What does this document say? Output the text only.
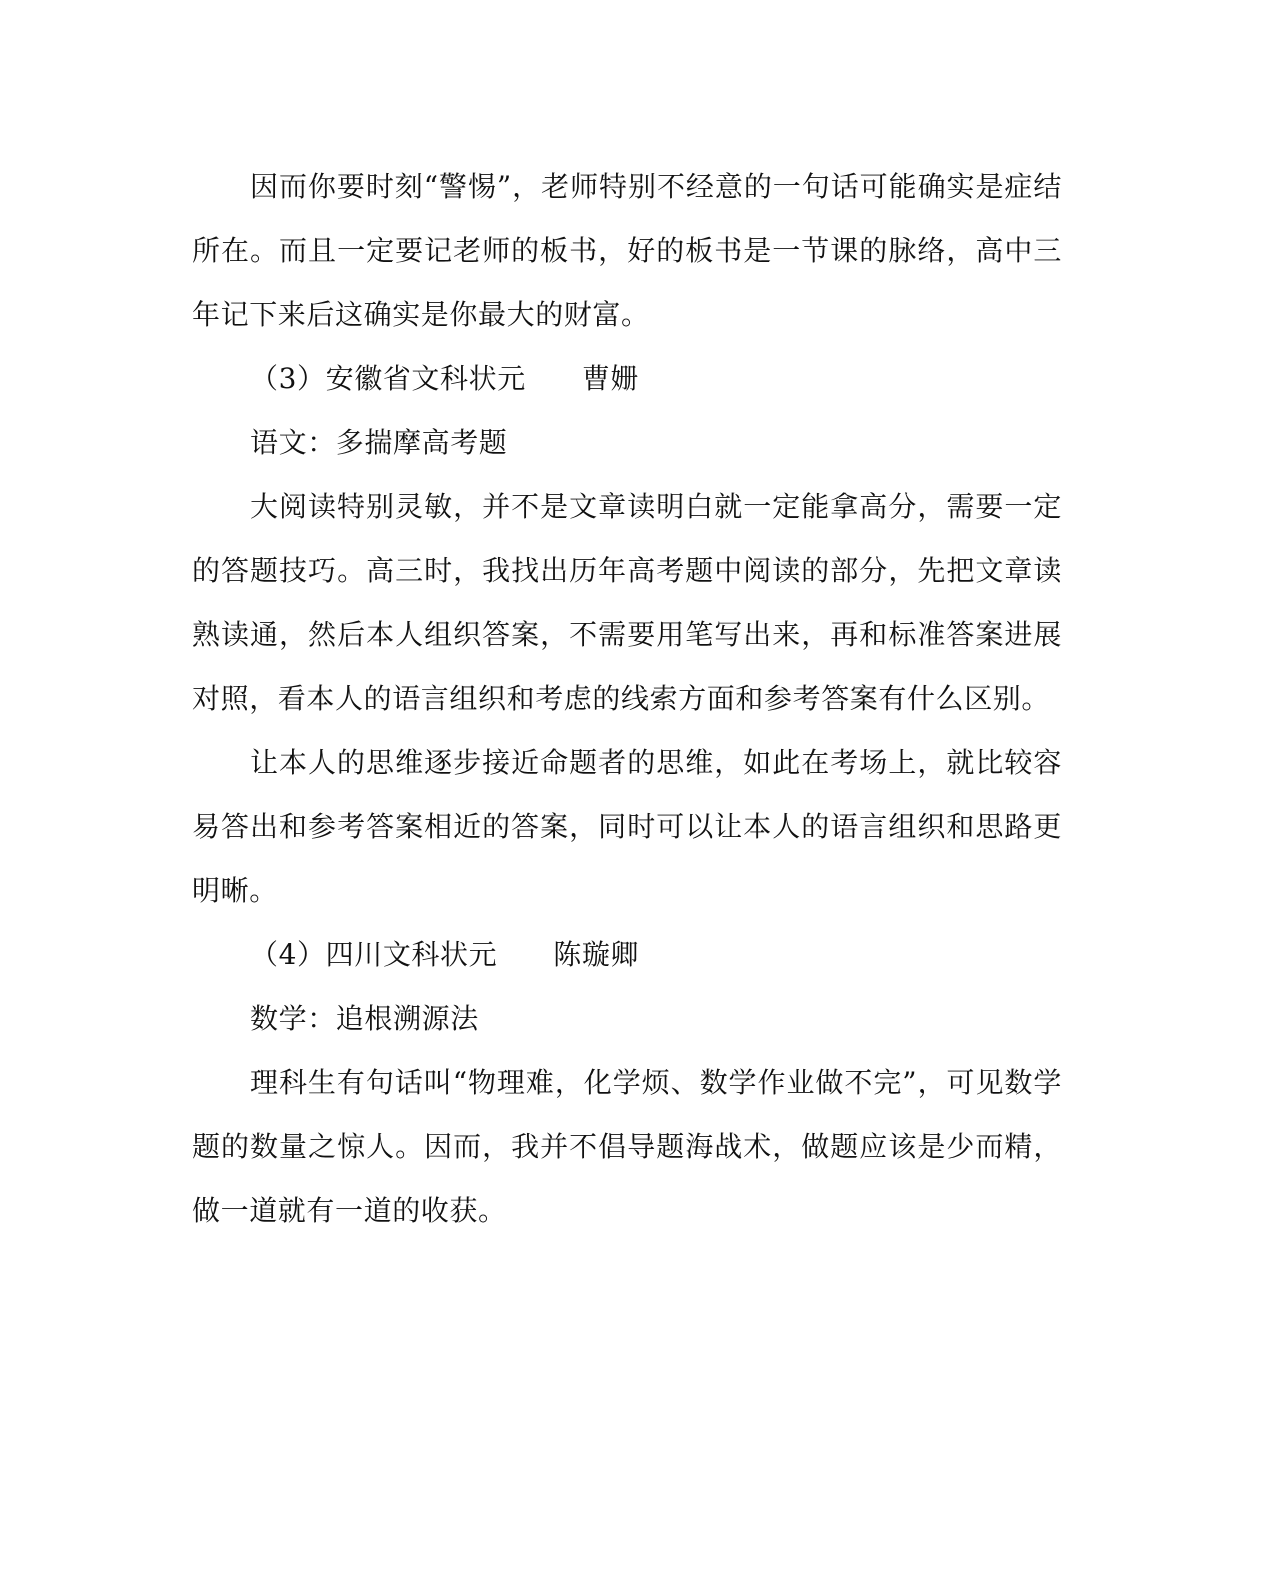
因而你要时刻“警惕”，老师特别不经意的一句话可能确实是症结所在。而且一定要记老师的板书，好的板书是一节课的脉络，高中三年记下来后这确实是你最大的财富。

（3）安徽省文科状元 曹姗

语文：多揣摩高考题

大阅读特别灵敏，并不是文章读明白就一定能拿高分，需要一定的答题技巧。高三时，我找出历年高考题中阅读的部分，先把文章读熟读通，然后本人组织答案，不需要用笔写出来，再和标准答案进展对照，看本人的语言组织和考虑的线索方面和参考答案有什么区别。

让本人的思维逐步接近命题者的思维，如此在考场上，就比较容易答出和参考答案相近的答案，同时可以让本人的语言组织和思路更明晰。

（4）四川文科状元 陈璇卿

数学：追根溯源法

理科生有句话叫“物理难，化学烦、数学作业做不完”，可见数学题的数量之惊人。因而，我并不倡导题海战术，做题应该是少而精，做一道就有一道的收获。
